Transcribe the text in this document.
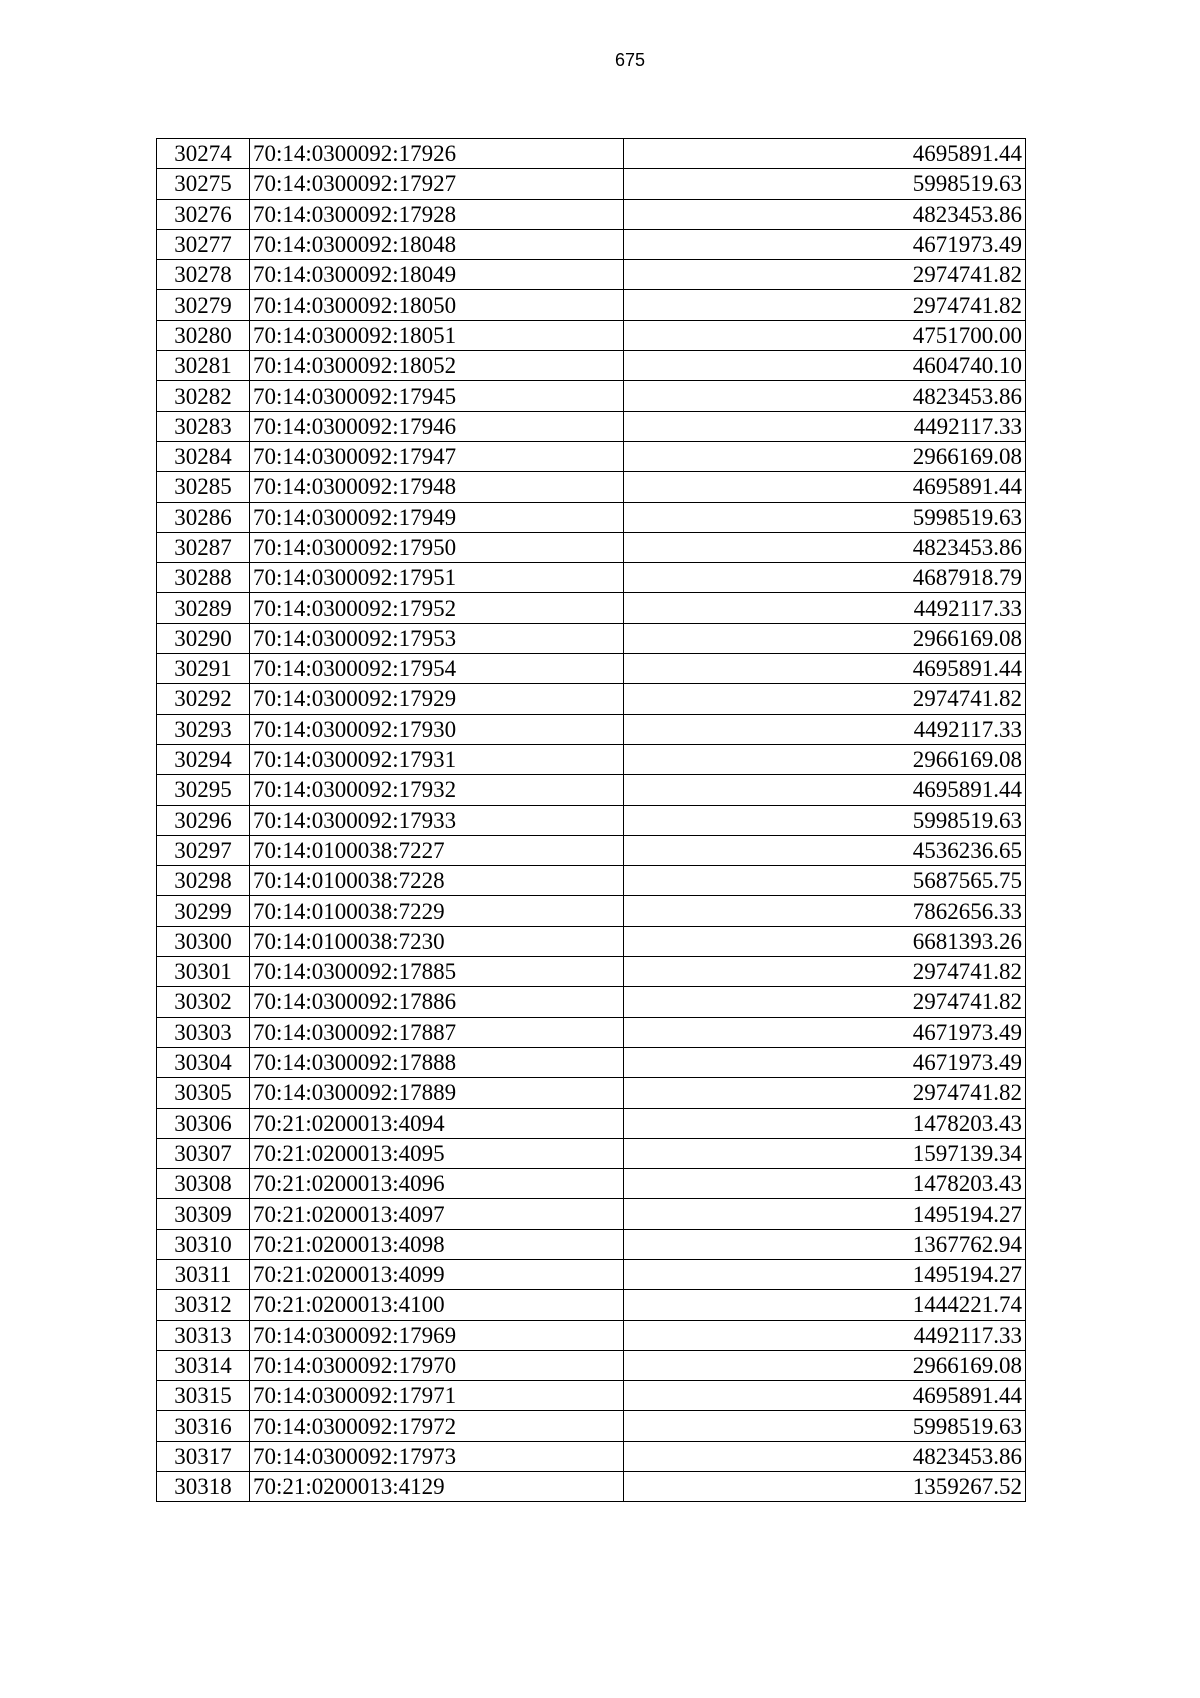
675
30274	70:14:0300092:17926	4695891.44
30275	70:14:0300092:17927	5998519.63
30276	70:14:0300092:17928	4823453.86
30277	70:14:0300092:18048	4671973.49
30278	70:14:0300092:18049	2974741.82
30279	70:14:0300092:18050	2974741.82
30280	70:14:0300092:18051	4751700.00
30281	70:14:0300092:18052	4604740.10
30282	70:14:0300092:17945	4823453.86
30283	70:14:0300092:17946	4492117.33
30284	70:14:0300092:17947	2966169.08
30285	70:14:0300092:17948	4695891.44
30286	70:14:0300092:17949	5998519.63
30287	70:14:0300092:17950	4823453.86
30288	70:14:0300092:17951	4687918.79
30289	70:14:0300092:17952	4492117.33
30290	70:14:0300092:17953	2966169.08
30291	70:14:0300092:17954	4695891.44
30292	70:14:0300092:17929	2974741.82
30293	70:14:0300092:17930	4492117.33
30294	70:14:0300092:17931	2966169.08
30295	70:14:0300092:17932	4695891.44
30296	70:14:0300092:17933	5998519.63
30297	70:14:0100038:7227	4536236.65
30298	70:14:0100038:7228	5687565.75
30299	70:14:0100038:7229	7862656.33
30300	70:14:0100038:7230	6681393.26
30301	70:14:0300092:17885	2974741.82
30302	70:14:0300092:17886	2974741.82
30303	70:14:0300092:17887	4671973.49
30304	70:14:0300092:17888	4671973.49
30305	70:14:0300092:17889	2974741.82
30306	70:21:0200013:4094	1478203.43
30307	70:21:0200013:4095	1597139.34
30308	70:21:0200013:4096	1478203.43
30309	70:21:0200013:4097	1495194.27
30310	70:21:0200013:4098	1367762.94
30311	70:21:0200013:4099	1495194.27
30312	70:21:0200013:4100	1444221.74
30313	70:14:0300092:17969	4492117.33
30314	70:14:0300092:17970	2966169.08
30315	70:14:0300092:17971	4695891.44
30316	70:14:0300092:17972	5998519.63
30317	70:14:0300092:17973	4823453.86
30318	70:21:0200013:4129	1359267.52
